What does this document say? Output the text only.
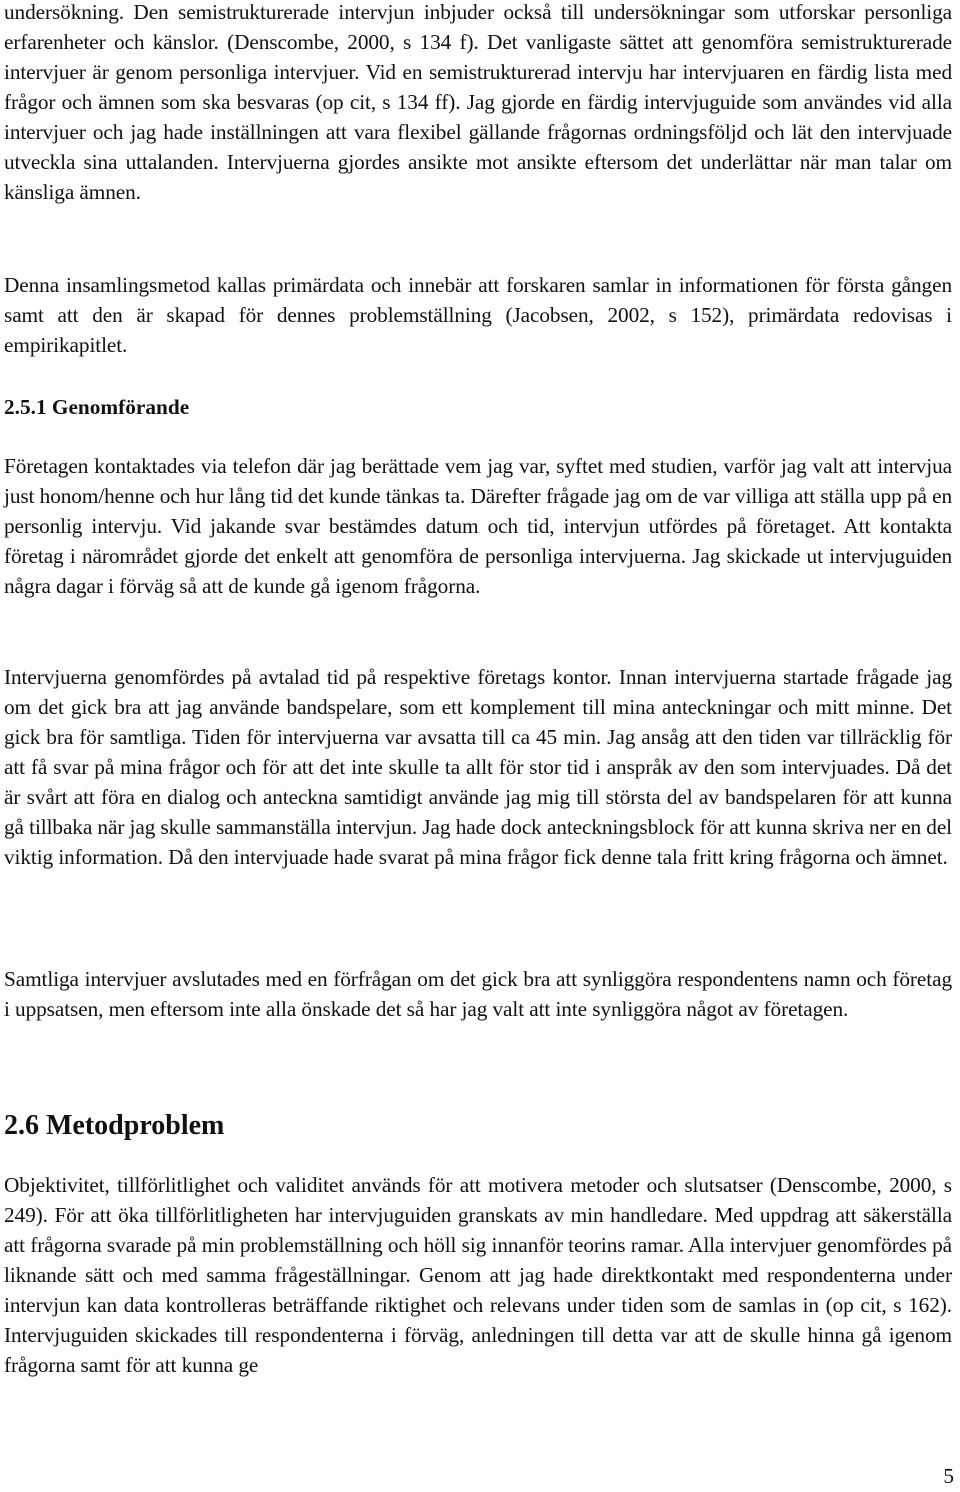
undersökning. Den semistrukturerade intervjun inbjuder också till undersökningar som utforskar personliga erfarenheter och känslor. (Denscombe, 2000, s 134 f). Det vanligaste sättet att genomföra semistrukturerade intervjuer är genom personliga intervjuer. Vid en semistrukturerad intervju har intervjuaren en färdig lista med frågor och ämnen som ska besvaras (op cit, s 134 ff). Jag gjorde en färdig intervjuguide som användes vid alla intervjuer och jag hade inställningen att vara flexibel gällande frågornas ordningsföljd och lät den intervjuade utveckla sina uttalanden. Intervjuerna gjordes ansikte mot ansikte eftersom det underlättar när man talar om känsliga ämnen.

Denna insamlingsmetod kallas primärdata och innebär att forskaren samlar in informationen för första gången samt att den är skapad för dennes problemställning (Jacobsen, 2002, s 152), primärdata redovisas i empirikapitlet.

2.5.1 Genomförande

Företagen kontaktades via telefon där jag berättade vem jag var, syftet med studien, varför jag valt att intervjua just honom/henne och hur lång tid det kunde tänkas ta. Därefter frågade jag om de var villiga att ställa upp på en personlig intervju. Vid jakande svar bestämdes datum och tid, intervjun utfördes på företaget. Att kontakta företag i närområdet gjorde det enkelt att genomföra de personliga intervjuerna. Jag skickade ut intervjuguiden några dagar i förväg så att de kunde gå igenom frågorna.

Intervjuerna genomfördes på avtalad tid på respektive företags kontor. Innan intervjuerna startade frågade jag om det gick bra att jag använde bandspelare, som ett komplement till mina anteckningar och mitt minne. Det gick bra för samtliga. Tiden för intervjuerna var avsatta till ca 45 min. Jag ansåg att den tiden var tillräcklig för att få svar på mina frågor och för att det inte skulle ta allt för stor tid i anspråk av den som intervjuades. Då det är svårt att föra en dialog och anteckna samtidigt använde jag mig till största del av bandspelaren för att kunna gå tillbaka när jag skulle sammanställa intervjun. Jag hade dock anteckningsblock för att kunna skriva ner en del viktig information. Då den intervjuade hade svarat på mina frågor fick denne tala fritt kring frågorna och ämnet.

Samtliga intervjuer avslutades med en förfrågan om det gick bra att synliggöra respondentens namn och företag i uppsatsen, men eftersom inte alla önskade det så har jag valt att inte synliggöra något av företagen.

2.6 Metodproblem

Objektivitet, tillförlitlighet och validitet används för att motivera metoder och slutsatser (Denscombe, 2000, s 249). För att öka tillförlitligheten har intervjuguiden granskats av min handledare. Med uppdrag att säkerställa att frågorna svarade på min problemställning och höll sig innanför teorins ramar. Alla intervjuer genomfördes på liknande sätt och med samma frågeställningar. Genom att jag hade direktkontakt med respondenterna under intervjun kan data kontrolleras beträffande riktighet och relevans under tiden som de samlas in (op cit, s 162). Intervjuguiden skickades till respondenterna i förväg, anledningen till detta var att de skulle hinna gå igenom frågorna samt för att kunna ge

5
